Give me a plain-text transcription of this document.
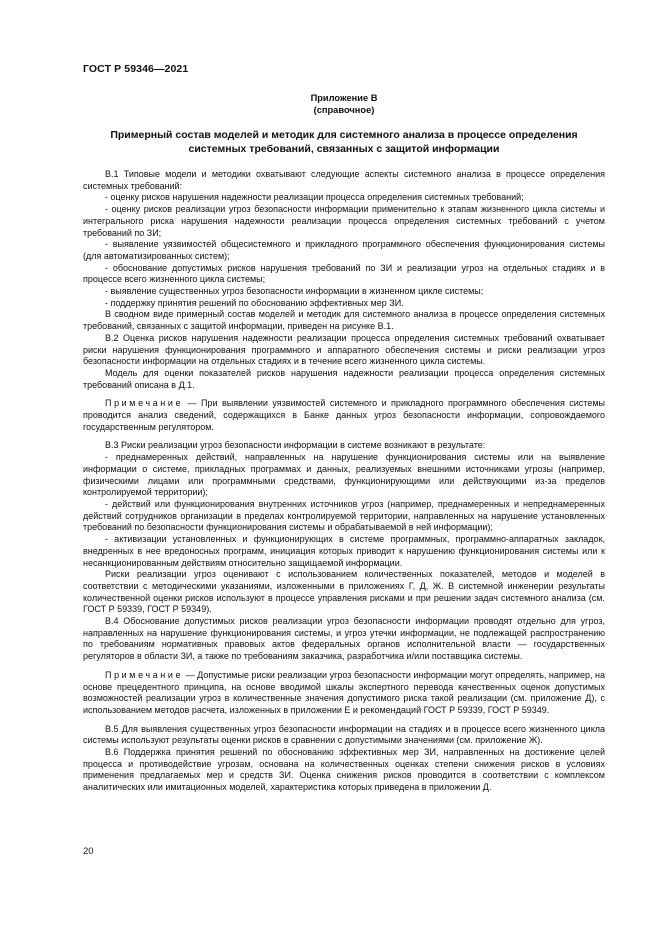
ГОСТ Р 59346—2021
Приложение В
(справочное)
Примерный состав моделей и методик для системного анализа в процессе определения системных требований, связанных с защитой информации

В.1 Типовые модели и методики охватывают следующие аспекты системного анализа в процессе определения системных требований:

- оценку рисков нарушения надежности реализации процесса определения системных требований;

- оценку рисков реализации угроз безопасности информации применительно к этапам жизненного цикла системы и интегрального риска нарушения надежности реализации процесса определения системных требований с учетом требований по ЗИ;

- выявление уязвимостей общесистемного и прикладного программного обеспечения функционирования системы (для автоматизированных систем);

- обоснование допустимых рисков нарушения требований по ЗИ и реализации угроз на отдельных стадиях и в процессе всего жизненного цикла системы;

- выявление существенных угроз безопасности информации в жизненном цикле системы;

- поддержку принятия решений по обоснованию эффективных мер ЗИ.

В сводном виде примерный состав моделей и методик для системного анализа в процессе определения системных требований, связанных с защитой информации, приведен на рисунке В.1.

В.2 Оценка рисков нарушения надежности реализации процесса определения системных требований охватывает риски нарушения функционирования программного и аппаратного обеспечения системы и риски реализации угроз безопасности информации на отдельных стадиях и в течение всего жизненного цикла системы.

Модель для оценки показателей рисков нарушения надежности реализации процесса определения системных требований описана в Д.1.

Примечание — При выявлении уязвимостей системного и прикладного программного обеспечения системы проводится анализ сведений, содержащихся в Банке данных угроз безопасности информации, сопровождаемого государственным регулятором.

В.3 Риски реализации угроз безопасности информации в системе возникают в результате:

- преднамеренных действий, направленных на нарушение функционирования системы или на выявление информации о системе, прикладных программах и данных, реализуемых внешними источниками угрозы (например, физическими лицами или программными средствами, функционирующими или действующими из-за пределов контролируемой территории);

- действий или функционирования внутренних источников угроз (например, преднамеренных и непреднамеренных действий сотрудников организации в пределах контролируемой территории, направленных на нарушение установленных требований по безопасности функционирования системы и обрабатываемой в ней информации);

- активизации установленных и функционирующих в системе программных, программно-аппаратных закладок, внедренных в нее вредоносных программ, инициация которых приводит к нарушению функционирования системы или к несанкционированным действиям относительно защищаемой информации.

Риски реализации угроз оценивают с использованием количественных показателей, методов и моделей в соответствии с методическими указаниями, изложенными в приложениях Г, Д, Ж. В системной инженерии результаты количественной оценки рисков используют в процессе управления рисками и при решении задач системного анализа (см. ГОСТ Р 59339, ГОСТ Р 59349).

В.4 Обоснование допустимых рисков реализации угроз безопасности информации проводят отдельно для угроз, направленных на нарушение функционирования системы, и угроз утечки информации, не подлежащей распространению по требованиям нормативных правовых актов федеральных органов исполнительной власти — государственных регуляторов в области ЗИ, а также по требованиям заказчика, разработчика и/или поставщика системы.

Примечание — Допустимые риски реализации угроз безопасности информации могут определять, например, на основе прецедентного принципа, на основе вводимой шкалы экспертного перевода качественных оценок допустимых возможностей реализации угроз в количественные значения допустимого риска такой реализации (см. приложение Д), с использованием методов расчета, изложенных в приложении Е и рекомендаций ГОСТ Р 59339, ГОСТ Р 59349.

В.5 Для выявления существенных угроз безопасности информации на стадиях и в процессе всего жизненного цикла системы используют результаты оценки рисков в сравнении с допустимыми значениями (см. приложение Ж).

В.6 Поддержка принятия решений по обоснованию эффективных мер ЗИ, направленных на достижение целей процесса и противодействие угрозам, основана на количественных оценках степени снижения рисков в условиях применения предлагаемых мер и средств ЗИ. Оценка снижения рисков проводится в соответствии с комплексом аналитических или имитационных моделей, характеристика которых приведена в приложении Д.

20
